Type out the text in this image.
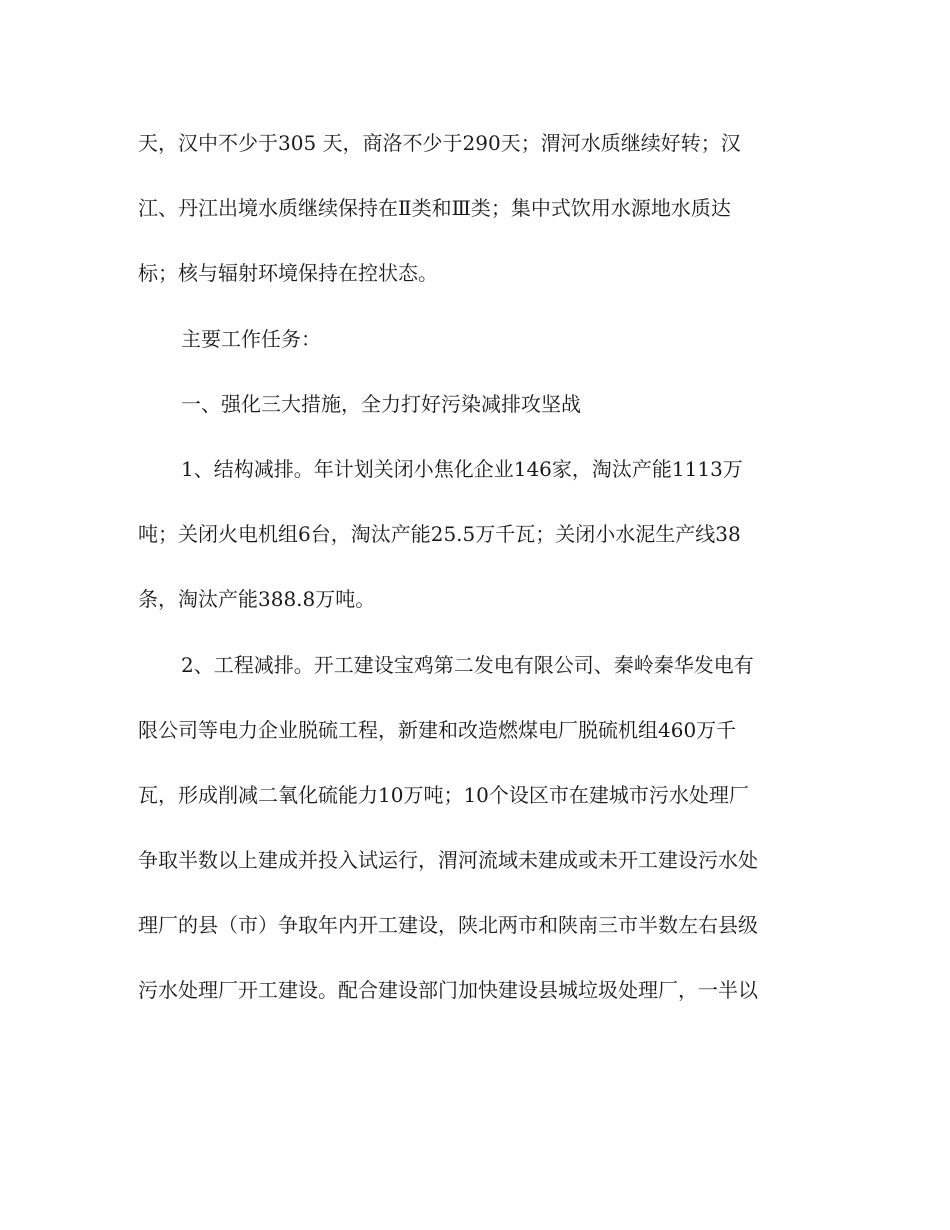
天，汉中不少于305 天，商洛不少于290天；渭河水质继续好转；汉
江、丹江出境水质继续保持在Ⅱ类和Ⅲ类；集中式饮用水源地水质达
标；核与辐射环境保持在控状态。
主要工作任务：
一、强化三大措施，全力打好污染减排攻坚战
1、结构减排。年计划关闭小焦化企业146家，淘汰产能1113万
吨；关闭火电机组6台，淘汰产能25.5万千瓦；关闭小水泥生产线38
条，淘汰产能388.8万吨。
2、工程减排。开工建设宝鸡第二发电有限公司、秦岭秦华发电有
限公司等电力企业脱硫工程，新建和改造燃煤电厂脱硫机组460万千
瓦，形成削减二氧化硫能力10万吨；10个设区市在建城市污水处理厂
争取半数以上建成并投入试运行，渭河流域未建成或未开工建设污水处
理厂的县（市）争取年内开工建设，陕北两市和陕南三市半数左右县级
污水处理厂开工建设。配合建设部门加快建设县城垃圾处理厂，一半以
